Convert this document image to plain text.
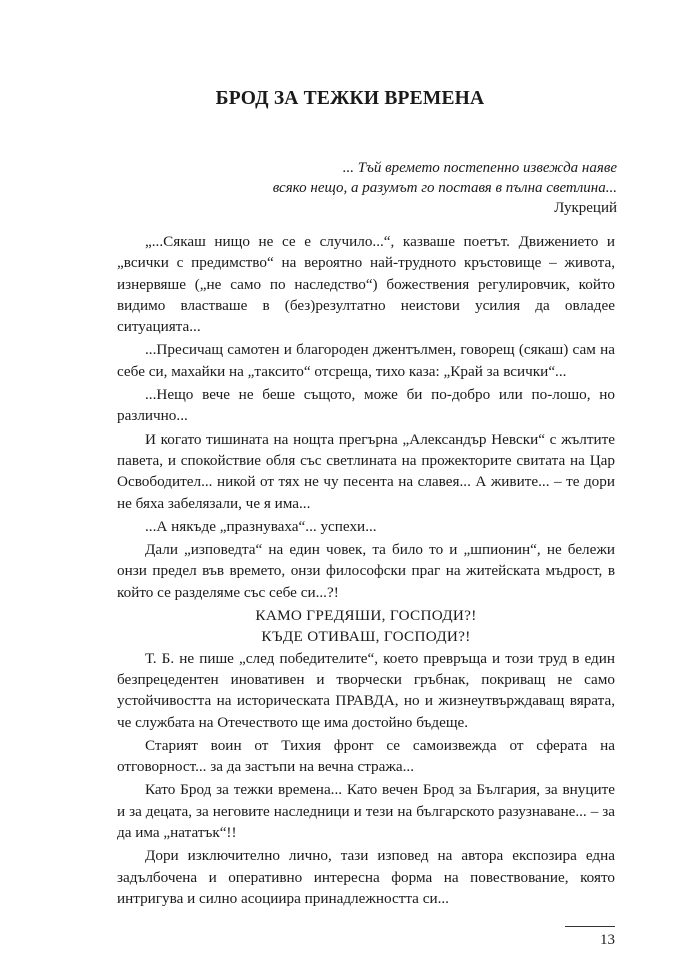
БРОД ЗА ТЕЖКИ ВРЕМЕНА
... Тъй времето постепенно извежда наяве
всяко нещо, а разумът го поставя в пълна светлина...
Лукреций

„...Сякаш нищо не се е случило...“, казваше поетът. Движението и „всички с предимство“ на вероятно най-трудното кръстовище – живота, изнервяше („не само по наследство“) божествения регулировчик, който видимо властваше в (без)резултатно неистови усилия да овладее ситуацията...

...Пресичащ самотен и благороден джентълмен, говорещ (сякаш) сам на себе си, махайки на „таксито“ отсреща, тихо каза: „Край за всички“...

...Нещо вече не беше същото, може би по-добро или по-лошо, но различно...

И когато тишината на нощта прегърна „Александър Невски“ с жълтите павета, и спокойствие обля със светлината на прожекторите свитата на Цар Освободител... никой от тях не чу песента на славея... А живите... – те дори не бяха забелязали, че я има...

...А някъде „празнуваха“... успехи...

Дали „изповедта“ на един човек, та било то и „шпионин“, не бележи онзи предел във времето, онзи философски праг на житейската мъдрост, в който се разделяме със себе си...?!

КАМО ГРЕДЯШИ, ГОСПОДИ?!

КЪДЕ ОТИВАШ, ГОСПОДИ?!

Т. Б. не пише „след победителите“, което превръща и този труд в един безпрецедентен иновативен и творчески гръбнак, покриващ не само устойчивостта на историческата ПРАВДА, но и жизнеутвърждаващ вярата, че службата на Отечеството ще има достойно бъдеще.

Старият воин от Тихия фронт се самоизвежда от сферата на отговорност... за да застъпи на вечна стража...

Като Брод за тежки времена... Като вечен Брод за България, за внуците и за децата, за неговите наследници и тези на българското разузнаване... – за да има „нататък“!!

Дори изключително лично, тази изповед на автора експозира една задълбочена и оперативно интересна форма на повествование, която интригува и силно асоциира принадлежността си...

13
